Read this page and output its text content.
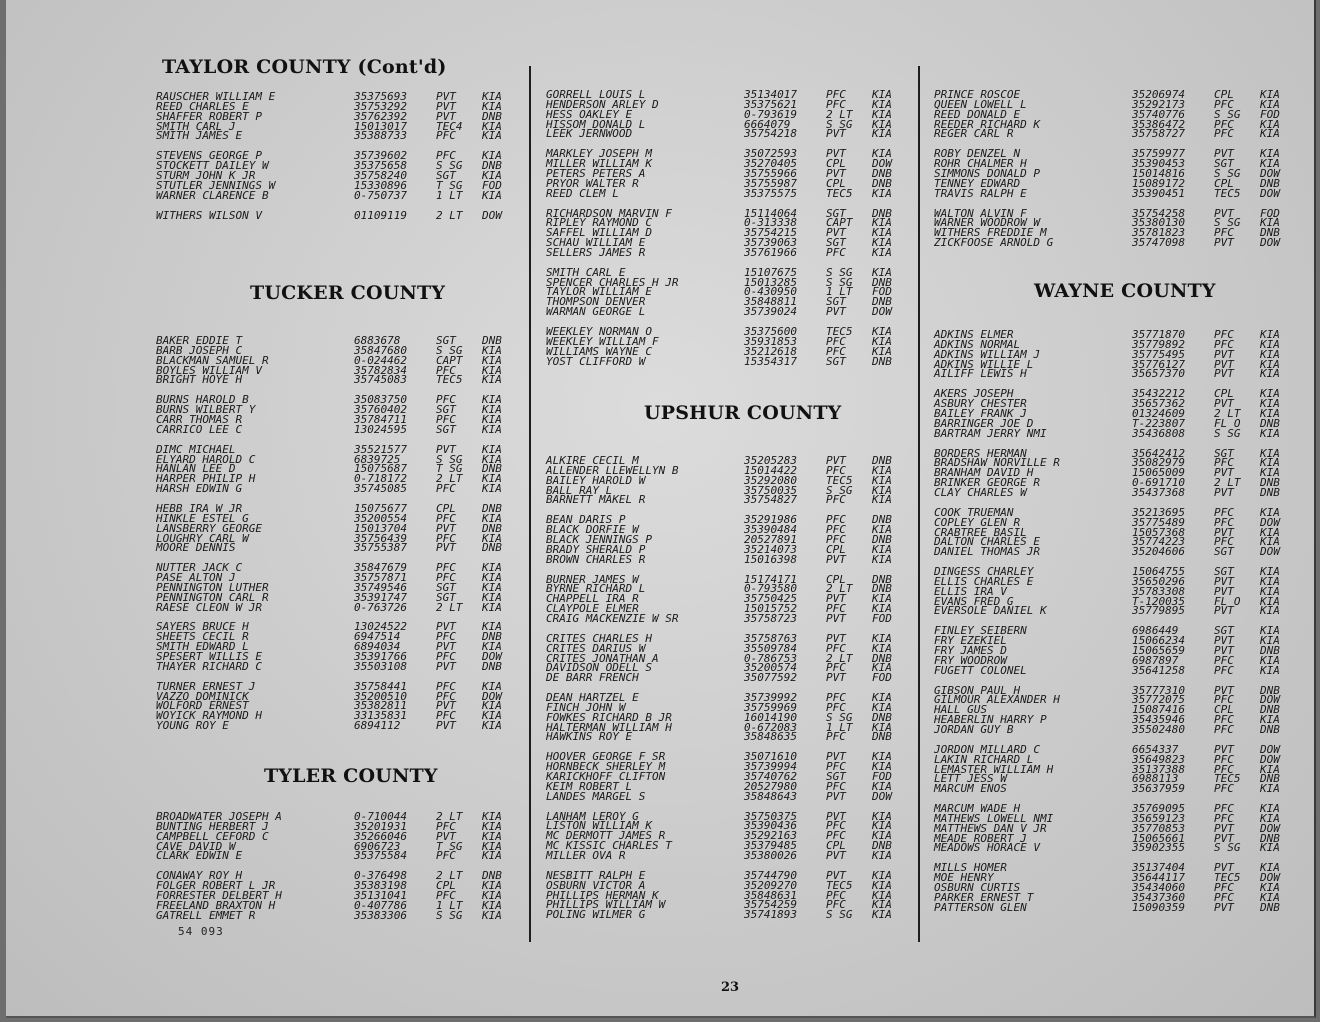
TAYLOR COUNTY (Cont'd)
RAUSCHER WILLIAM E	35375693	PVT KIA
REED CHARLES E	35753292	PVT KIA
SHAFFER ROBERT P	35762392	PVT DNB
SMITH CARL J	15013017	TEC4 KIA
SMITH JAMES E	35388733	PFC KIA
STEVENS GEORGE P	35739602	PFC KIA
STOCKETT DAILEY W	35375658	S SG DNB
STURM JOHN K JR	35758240	SGT KIA
STUTLER JENNINGS W	15330896	T SG FOD
WARNER CLARENCE B	0-750737	1 LT KIA
WITHERS WILSON V	01109119	2 LT DOW
TUCKER COUNTY
BAKER EDDIE T	6883678	SGT DNB
BARB JOSEPH C	35847680	S SG KIA
BLACKMAN SAMUEL R	0-024462	CAPT KIA
BOYLES WILLIAM V	35782834	PFC KIA
BRIGHT HOYE H	35745083	TEC5 KIA
BURNS HAROLD B	35083750	PFC KIA
BURNS WILBERT Y	35760402	SGT KIA
CARR THOMAS R	35784711	PFC KIA
CARRICO LEE C	13024595	SGT KIA
DIMC MICHAEL	35521577	PVT KIA
ELYARD HAROLD C	6839725	S SG KIA
HANLAN LEE D	15075687	T SG DNB
HARPER PHILIP H	0-718172	2 LT KIA
HARSH EDWIN G	35745085	PFC KIA
HEBB IRA W JR	15075677	CPL DNB
HINKLE ESTEL G	35200554	PFC KIA
LANSBERRY GEORGE	15013704	PVT DNB
LOUGHRY CARL W	35756439	PFC KIA
MOORE DENNIS	35755387	PVT DNB
NUTTER JACK C	35847679	PFC KIA
PASE ALTON J	35757871	PFC KIA
PENNINGTON LUTHER	35749546	SGT KIA
PENNINGTON CARL R	35391747	SGT KIA
RAESE CLEON W JR	0-763726	2 LT KIA
SAYERS BRUCE H	13024522	PVT KIA
SHEETS CECIL R	6947514	PFC DNB
SMITH EDWARD L	6894034	PVT KIA
SPESERT WILLIS E	35391766	PFC DOW
THAYER RICHARD C	35503108	PVT DNB
TURNER ERNEST J	35758441	PFC KIA
VAZZO DOMINICK	35200510	PFC DOW
WOLFORD ERNEST	35382811	PVT KIA
WOYICK RAYMOND H	33135831	PFC KIA
YOUNG ROY E	6894112	PVT KIA
TYLER COUNTY
BROADWATER JOSEPH A	0-710044	2 LT KIA
BUNTING HERBERT J	35201931	PFC KIA
CAMPBELL CEFORD C	35266046	PVT KIA
CAVE DAVID W	6906723	T SG KIA
CLARK EDWIN E	35375584	PFC KIA
CONAWAY ROY H	0-376498	2 LT DNB
FOLGER ROBERT L JR	35383198	CPL KIA
FORRESTER DELBERT H	35131041	PFC KIA
FREELAND BRAXTON H	0-407786	1 LT KIA
GATRELL EMMET R	35383306	S SG KIA
GORRELL LOUIS L	35134017	PFC KIA
HENDERSON ARLEY D	35375621	PFC KIA
HESS OAKLEY E	0-793619	2 LT KIA
HISSOM DONALD L	6664079	S SG KIA
LEEK JERNWOOD	35754218	PVT KIA
MARKLEY JOSEPH M	35072593	PVT KIA
MILLER WILLIAM K	35270405	CPL DOW
PETERS PETERS A	35755966	PVT DNB
PRYOR WALTER R	35755987	CPL DNB
REED CLEM L	35375575	TEC5 KIA
RICHARDSON MARVIN F	15114064	SGT DNB
RIPLEY RAYMOND C	0-313338	CAPT KIA
SAFFEL WILLIAM D	35754215	PVT KIA
SCHAU WILLIAM E	35739063	SGT KIA
SELLERS JAMES R	35761966	PFC KIA
SMITH CARL E	15107675	S SG KIA
SPENCER CHARLES H JR	15013285	S SG DNB
TAYLOR WILLIAM E	0-430950	1 LT FOD
THOMPSON DENVER	35848811	SGT DNB
WARMAN GEORGE L	35739024	PVT DOW
WEEKLEY NORMAN O	35375600	TEC5 KIA
WEEKLEY WILLIAM F	35931853	PFC KIA
WILLIAMS WAYNE C	35212618	PFC KIA
YOST CLIFFORD W	15354317	SGT DNB
UPSHUR COUNTY
ALKIRE CECIL M	35205283	PVT DNB
ALLENDER LLEWELLYN B	15014422	PFC KIA
BAILEY HAROLD W	35292080	TEC5 KIA
BALL RAY L	35750035	S SG KIA
BARNETT MAKEL R	35754827	PFC KIA
BEAN DARIS P	35291986	PFC DNB
BLACK DORFIE W	35390484	PFC KIA
BLACK JENNINGS P	20527891	PFC DNB
BRADY SHERALD P	35214073	CPL KIA
BROWN CHARLES R	15016398	PVT KIA
BURNER JAMES W	15174171	CPL DNB
BYRNE RICHARD L	0-793580	2 LT DNB
CHAPPELL IRA R	35750425	PVT KIA
CLAYPOLE ELMER	15015752	PFC KIA
CRAIG MACKENZIE W SR	35758723	PVT FOD
CRITES CHARLES H	35758763	PVT KIA
CRITES DARIUS W	35509784	PFC KIA
CRITES JONATHAN A	0-786753	2 LT DNB
DAVIDSON ODELL S	35200574	PFC KIA
DE BARR FRENCH	35077592	PVT FOD
DEAN HARTZEL E	35739992	PFC KIA
FINCH JOHN W	35759969	PFC KIA
FOWKES RICHARD B JR	16014190	S SG DNB
HALTERMAN WILLIAM H	0-672083	1 LT KIA
HAWKINS ROY E	35848635	PFC DNB
HOOVER GEORGE F SR	35071610	PVT KIA
HORNBECK SHERLEY M	35739994	PFC KIA
KARICKHOFF CLIFTON	35740762	SGT FOD
KEIM ROBERT L	20527980	PFC KIA
LANDES MARGEL S	35848643	PVT DOW
LANHAM LEROY G	35750375	PVT KIA
LISTON WILLIAM K	35390436	PFC KIA
MC DERMOTT JAMES R	35292163	PFC KIA
MC KISSIC CHARLES T	35379485	CPL DNB
MILLER OVA R	35380026	PVT KIA
NESBITT RALPH E	35744790	PVT KIA
OSBURN VICTOR A	35209270	TEC5 KIA
PHILLIPS HERMAN K	35848631	PFC KIA
PHILLIPS WILLIAM W	35754259	PFC KIA
POLING WILMER G	35741893	S SG KIA
PRINCE ROSCOE	35206974	CPL KIA
QUEEN LOWELL L	35292173	PFC KIA
REED DONALD E	35740776	S SG FOD
REEDER RICHARD K	35386472	PFC KIA
REGER CARL R	35758727	PFC KIA
ROBY DENZEL N	35759977	PVT KIA
ROHR CHALMER H	35390453	SGT KIA
SIMMONS DONALD P	15014816	S SG DOW
TENNEY EDWARD	15089172	CPL DNB
TRAVIS RALPH E	35390451	TEC5 DOW
WALTON ALVIN F	35754258	PVT FOD
WARNER WOODROW W	35380130	S SG KIA
WITHERS FREDDIE M	35781823	PFC DNB
ZICKFOOSE ARNOLD G	35747098	PVT DOW
WAYNE COUNTY
ADKINS ELMER	35771870	PFC KIA
ADKINS NORMAL	35779892	PFC KIA
ADKINS WILLIAM J	35775495	PVT KIA
ADKINS WILLIE L	35776127	PVT KIA
AILIFF LEWIS H	35657370	PVT KIA
AKERS JOSEPH	35432212	CPL KIA
ASBURY CHESTER	35657362	PVT KIA
BAILEY FRANK J	01324609	2 LT KIA
BARRINGER JOE D	T-223807	FL O DNB
BARTRAM JERRY NMI	35436808	S SG KIA
BORDERS HERMAN	35642412	SGT KIA
BRADSHAW NORVILLE R	35082979	PFC KIA
BRANHAM DAVID H	15065009	PVT KIA
BRINKER GEORGE R	0-691710	2 LT DNB
CLAY CHARLES W	35437368	PVT DNB
COOK TRUEMAN	35213695	PFC KIA
COPLEY GLEN R	35775489	PFC DOW
CRABTREE BASIL	15057368	PVT KIA
DALTON CHARLES E	35774223	PFC KIA
DANIEL THOMAS JR	35204606	SGT DOW
DINGESS CHARLEY	15064755	SGT KIA
ELLIS CHARLES E	35650296	PVT KIA
ELLIS IRA V	35783308	PVT KIA
EVANS FRED G	T-120035	FL O KIA
EVERSOLE DANIEL K	35779895	PVT KIA
FINLEY SEIBERN	6986449	SGT KIA
FRY EZEKIEL	15066234	PVT KIA
FRY JAMES D	15065659	PVT DNB
FRY WOODROW	6987897	PFC KIA
FUGETT COLONEL	35641258	PFC KIA
GIBSON PAUL H	35777310	PVT DNB
GILMOUR ALEXANDER H	35772075	PFC DOW
HALL GUS	15087416	CPL DNB
HEABERLIN HARRY P	35435946	PFC KIA
JORDAN GUY B	35502480	PFC DNB
JORDON MILLARD C	6654337	PVT DOW
LAKIN RICHARD L	35649823	PFC DOW
LEMASTER WILLIAM H	35137388	PFC KIA
LETT JESS W	6988113	TEC5 DNB
MARCUM ENOS	35637959	PFC KIA
MARCUM WADE H	35769095	PFC KIA
MATHEWS LOWELL NMI	35659123	PFC KIA
MATTHEWS DAN V JR	35770853	PVT DOW
MEADE ROBERT J	15065661	PVT DNB
MEADOWS HORACE V	35902355	S SG KIA
MILLS HOMER	35137404	PVT KIA
MOE HENRY	35644117	TEC5 DOW
OSBURN CURTIS	35434060	PFC KIA
PARKER ERNEST T	35437360	PFC KIA
PATTERSON GLEN	15090359	PVT DNB
54 093
23
